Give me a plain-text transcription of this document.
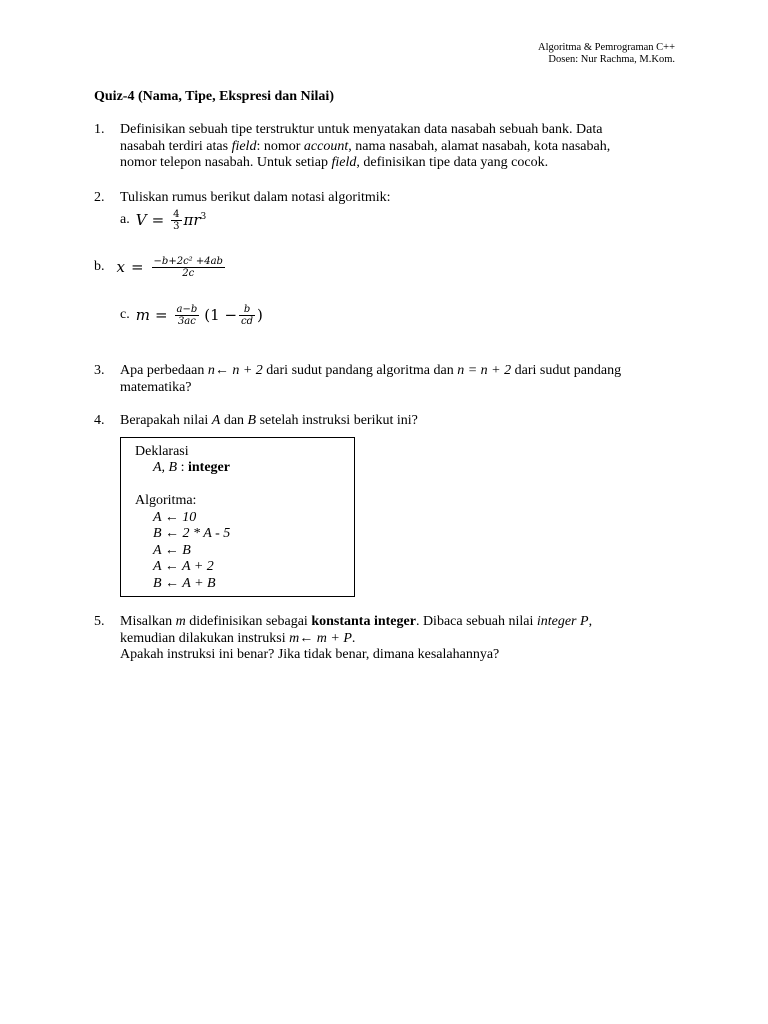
Algoritma & Pemrograman C++
Dosen: Nur Rachma, M.Kom.
Quiz-4 (Nama, Tipe, Ekspresi dan Nilai)
1. Definisikan sebuah tipe terstruktur untuk menyatakan data nasabah sebuah bank. Data
nasabah terdiri atas field: nomor account, nama nasabah, alamat nasabah, kota nasabah,
nomor telepon nasabah. Untuk setiap field, definisikan tipe data yang cocok.
2. Tuliskan rumus berikut dalam notasi algoritmik:
a. $V = \frac{4}{3} \pi r^3$
b. $x = \frac{\text{−b+2c² +4ab}}{2c}$
c. $m = \frac{a-b}{3ac} (1 - \frac{b}{cd}$ )
3. Apa perbedaan n← n + 2 dari sudut pandang algoritma dan n = n + 2 dari sudut pandang
matematika?
4. Berapakah nilai A dan B setelah instruksi berikut ini?
Deklarasi
A, B : integer
Algoritma:
A ← 10
B ← 2 * A - 5
A ← B
A ← A + 2
B ← A + B
5. Misalkan m didefinisikan sebagai konstanta integer. Dibaca sebuah nilai integer P,
kemudian dilakukan instruksi m← m + P.
Apakah instruksi ini benar? Jika tidak benar, dimana kesalahannya?
